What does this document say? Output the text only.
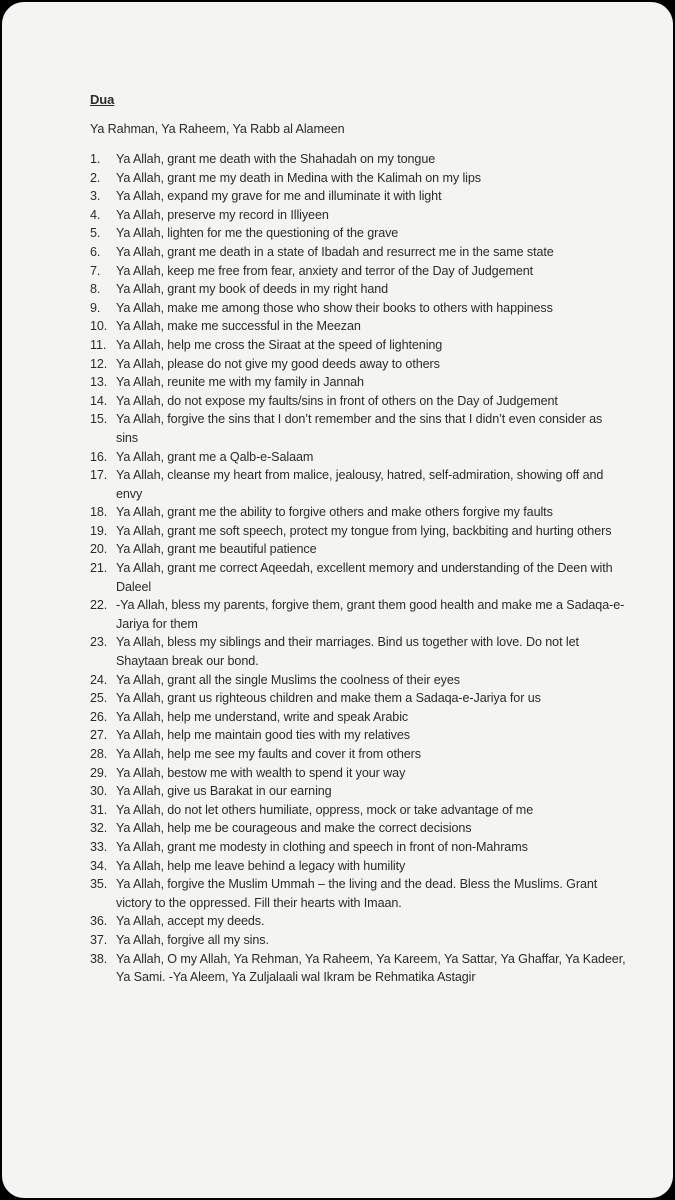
Dua
Ya Rahman, Ya Raheem, Ya Rabb al Alameen
1.	Ya Allah, grant me death with the Shahadah on my tongue
2.	Ya Allah, grant me my death in Medina with the Kalimah on my lips
3.	Ya Allah, expand my grave for me and illuminate it with light
4.	Ya Allah, preserve my record in Illiyeen
5.	Ya Allah, lighten for me the questioning of the grave
6.	Ya Allah, grant me death in a state of Ibadah and resurrect me in the same state
7.	Ya Allah, keep me free from fear, anxiety and terror of the Day of Judgement
8.	Ya Allah, grant my book of deeds in my right hand
9.	Ya Allah, make me among those who show their books to others with happiness
10. Ya Allah, make me successful in the Meezan
11. Ya Allah, help me cross the Siraat at the speed of lightening
12. Ya Allah, please do not give my good deeds away to others
13. Ya Allah, reunite me with my family in Jannah
14. Ya Allah, do not expose my faults/sins in front of others on the Day of Judgement
15. Ya Allah, forgive the sins that I don’t remember and the sins that I didn’t even consider as
sins
16. Ya Allah, grant me a Qalb-e-Salaam
17. Ya Allah, cleanse my heart from malice, jealousy, hatred, self-admiration, showing off and
envy
18. Ya Allah, grant me the ability to forgive others and make others forgive my faults
19. Ya Allah, grant me soft speech, protect my tongue from lying, backbiting and hurting others
20. Ya Allah, grant me beautiful patience
21. Ya Allah, grant me correct Aqeedah, excellent memory and understanding of the Deen with
Daleel
22. -Ya Allah, bless my parents, forgive them, grant them good health and make me a Sadaqa-e-
Jariya for them
23. Ya Allah, bless my siblings and their marriages. Bind us together with love. Do not let
Shaytaan break our bond.
24. Ya Allah, grant all the single Muslims the coolness of their eyes
25. Ya Allah, grant us righteous children and make them a Sadaqa-e-Jariya for us
26. Ya Allah, help me understand, write and speak Arabic
27. Ya Allah, help me maintain good ties with my relatives
28. Ya Allah, help me see my faults and cover it from others
29. Ya Allah, bestow me with wealth to spend it your way
30. Ya Allah, give us Barakat in our earning
31. Ya Allah, do not let others humiliate, oppress, mock or take advantage of me
32. Ya Allah, help me be courageous and make the correct decisions
33. Ya Allah, grant me modesty in clothing and speech in front of non-Mahrams
34. Ya Allah, help me leave behind a legacy with humility
35. Ya Allah, forgive the Muslim Ummah – the living and the dead. Bless the Muslims. Grant
victory to the oppressed. Fill their hearts with Imaan.
36. Ya Allah, accept my deeds.
37. Ya Allah, forgive all my sins.
38. Ya Allah, O my Allah, Ya Rehman, Ya Raheem, Ya Kareem, Ya Sattar, Ya Ghaffar, Ya Kadeer,
Ya Sami. -Ya Aleem, Ya Zuljalaali wal Ikram be Rehmatika Astagir
